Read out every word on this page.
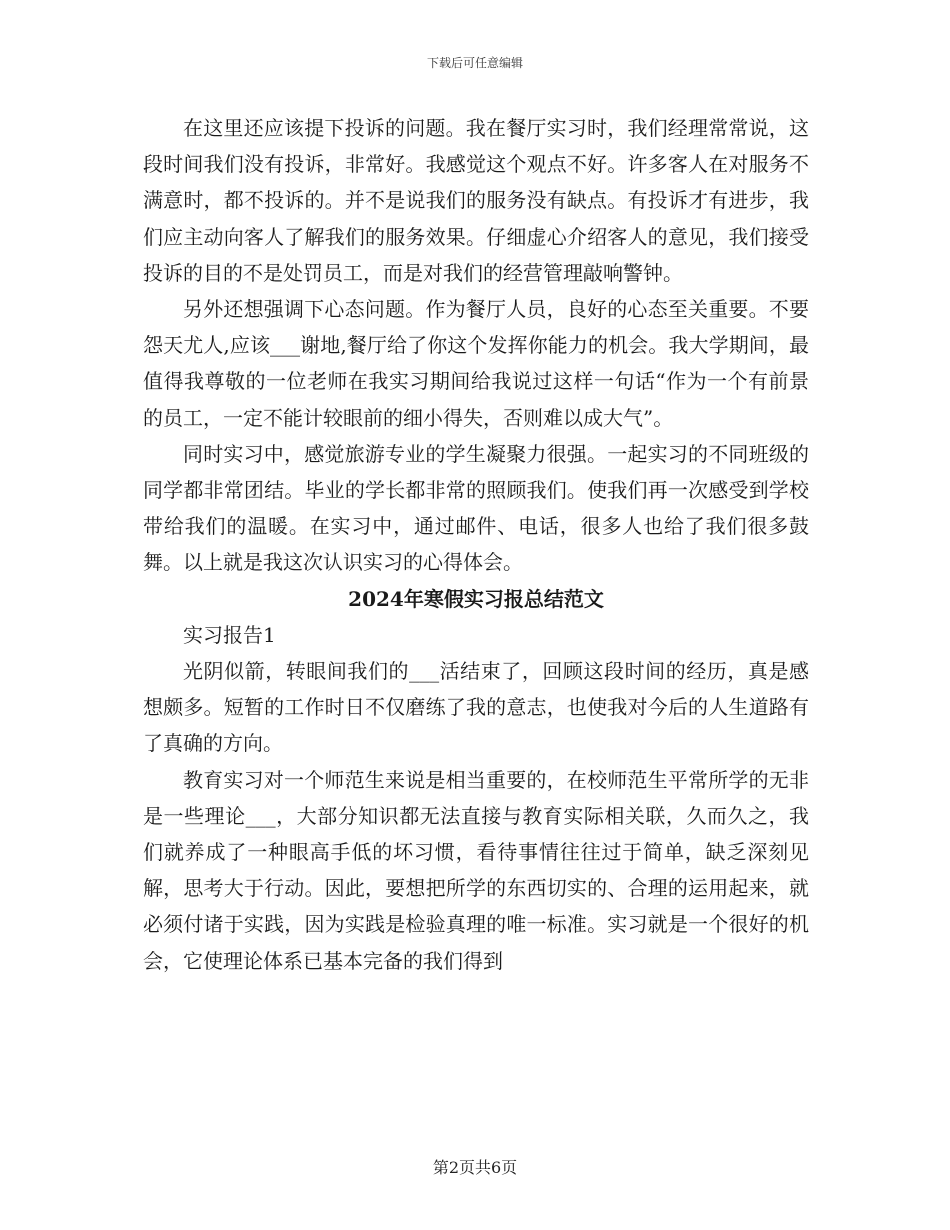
下载后可任意编辑

在这里还应该提下投诉的问题。我在餐厅实习时，我们经理常常说，这段时间我们没有投诉，非常好。我感觉这个观点不好。许多客人在对服务不满意时，都不投诉的。并不是说我们的服务没有缺点。有投诉才有进步，我们应主动向客人了解我们的服务效果。仔细虚心介绍客人的意见，我们接受投诉的目的不是处罚员工，而是对我们的经营管理敲响警钟。

另外还想强调下心态问题。作为餐厅人员，良好的心态至关重要。不要怨天尤人,应该___谢地,餐厅给了你这个发挥你能力的机会。我大学期间，最值得我尊敬的一位老师在我实习期间给我说过这样一句话“作为一个有前景的员工，一定不能计较眼前的细小得失，否则难以成大气”。

同时实习中，感觉旅游专业的学生凝聚力很强。一起实习的不同班级的同学都非常团结。毕业的学长都非常的照顾我们。使我们再一次感受到学校带给我们的温暖。在实习中，通过邮件、电话，很多人也给了我们很多鼓舞。以上就是我这次认识实习的心得体会。

2024年寒假实习报总结范文

实习报告1

光阴似箭，转眼间我们的___活结束了，回顾这段时间的经历，真是感想颇多。短暂的工作时日不仅磨练了我的意志，也使我对今后的人生道路有了真确的方向。

教育实习对一个师范生来说是相当重要的，在校师范生平常所学的无非是一些理论___，大部分知识都无法直接与教育实际相关联，久而久之，我们就养成了一种眼高手低的坏习惯，看待事情往往过于简单，缺乏深刻见解，思考大于行动。因此，要想把所学的东西切实的、合理的运用起来，就必须付诸于实践，因为实践是检验真理的唯一标准。实习就是一个很好的机会，它使理论体系已基本完备的我们得到

第2页共6页
